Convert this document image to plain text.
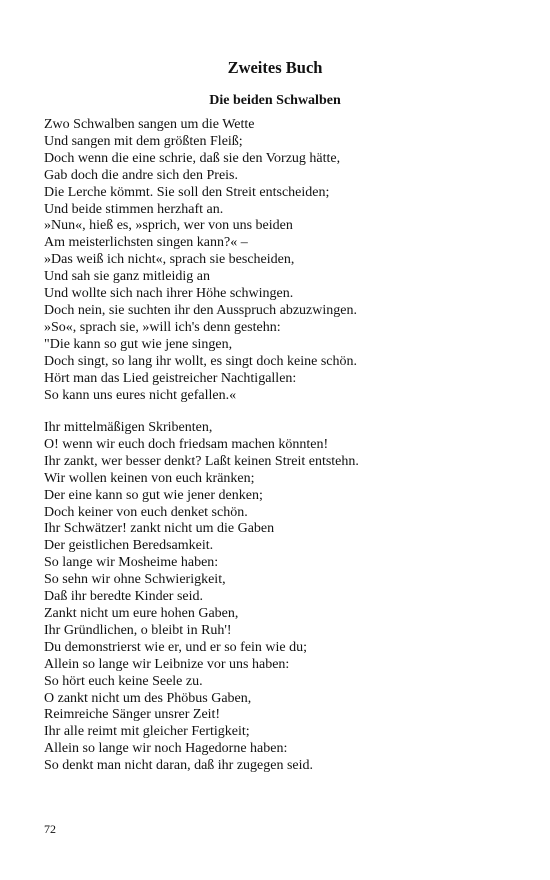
Zweites Buch
Die beiden Schwalben
Zwo Schwalben sangen um die Wette
Und sangen mit dem größten Fleiß;
Doch wenn die eine schrie, daß sie den Vorzug hätte,
Gab doch die andre sich den Preis.
Die Lerche kömmt. Sie soll den Streit entscheiden;
Und beide stimmen herzhaft an.
»Nun«, hieß es, »sprich, wer von uns beiden
Am meisterlichsten singen kann?« –
»Das weiß ich nicht«, sprach sie bescheiden,
Und sah sie ganz mitleidig an
Und wollte sich nach ihrer Höhe schwingen.
Doch nein, sie suchten ihr den Ausspruch abzuzwingen.
»So«, sprach sie, »will ich's denn gestehn:
"Die kann so gut wie jene singen,
Doch singt, so lang ihr wollt, es singt doch keine schön.
Hört man das Lied geistreicher Nachtigallen:
So kann uns eures nicht gefallen.«
Ihr mittelmäßigen Skribenten,
O! wenn wir euch doch friedsam machen könnten!
Ihr zankt, wer besser denkt? Laßt keinen Streit entstehn.
Wir wollen keinen von euch kränken;
Der eine kann so gut wie jener denken;
Doch keiner von euch denket schön.
Ihr Schwätzer! zankt nicht um die Gaben
Der geistlichen Beredsamkeit.
So lange wir Mosheime haben:
So sehn wir ohne Schwierigkeit,
Daß ihr beredte Kinder seid.
Zankt nicht um eure hohen Gaben,
Ihr Gründlichen, o bleibt in Ruh'!
Du demonstrierst wie er, und er so fein wie du;
Allein so lange wir Leibnize vor uns haben:
So hört euch keine Seele zu.
O zankt nicht um des Phöbus Gaben,
Reimreiche Sänger unsrer Zeit!
Ihr alle reimt mit gleicher Fertigkeit;
Allein so lange wir noch Hagedorne haben:
So denkt man nicht daran, daß ihr zugegen seid.

72
